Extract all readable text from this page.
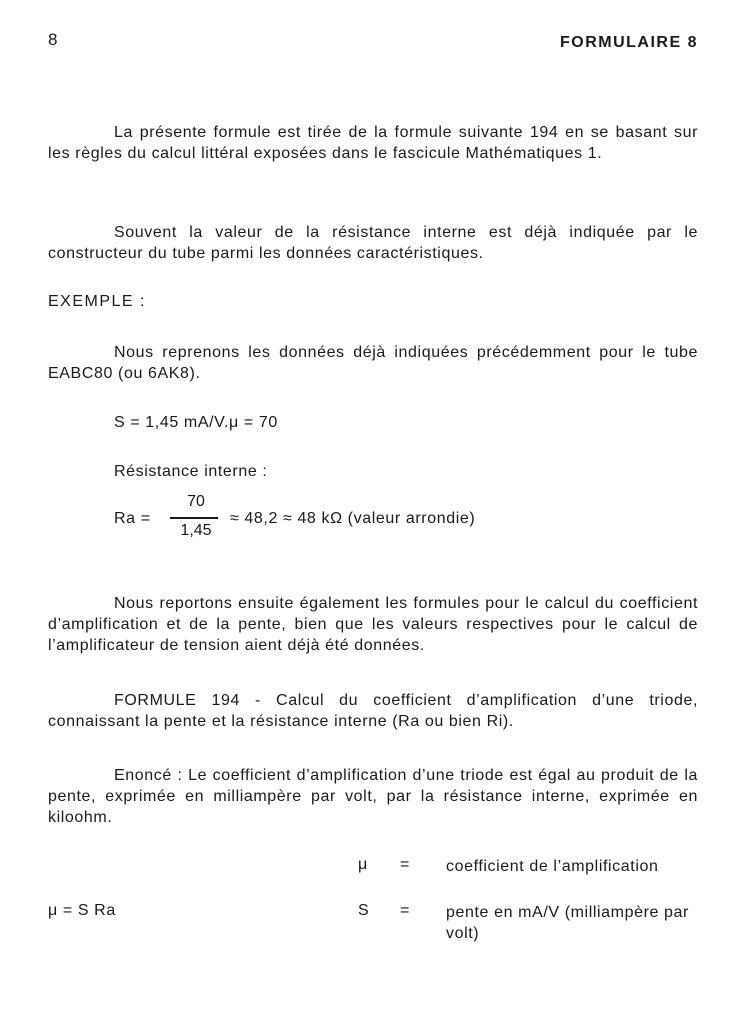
8	FORMULAIRE 8
La présente formule est tirée de la formule suivante 194 en se basant sur les règles du calcul littéral exposées dans le fascicule Mathématiques 1.
Souvent la valeur de la résistance interne est déjà indiquée par le constructeur du tube parmi les données caractéristiques.
EXEMPLE :
Nous reprenons les données déjà indiquées précédemment pour le tube EABC80 (ou 6AK8).
S = 1,45 mA/V.μ = 70
Résistance interne :
Ra =
70
1,45
≈ 48,2 ≈ 48 kΩ (valeur arrondie)
Nous reportons ensuite également les formules pour le calcul du coefficient d’amplification et de la pente, bien que les valeurs respectives pour le calcul de l’amplificateur de tension aient déjà été données.
FORMULE 194 - Calcul du coefficient d’amplification d’une triode, connaissant la pente et la résistance interne (Ra ou bien Ri).
Enoncé : Le coefficient d’amplification d’une triode est égal au produit de la pente, exprimée en milliampère par volt, par la résistance interne, exprimée en kiloohm.
μ = S Ra
μ = coefficient de l’amplification
S = pente en mA/V (milliampère par volt)
